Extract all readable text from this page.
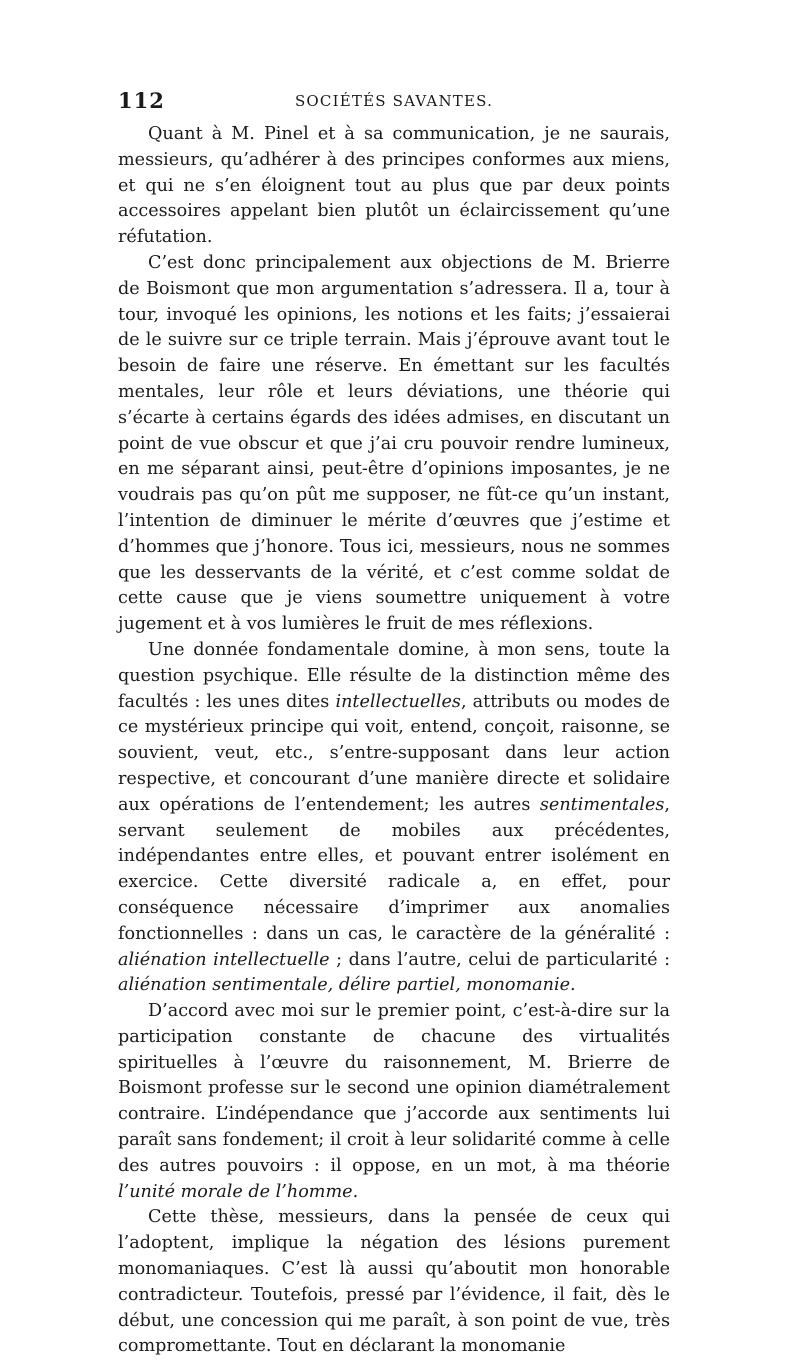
112	SOCIÉTÉS SAVANTES.

Quant à M. Pinel et à sa communication, je ne saurais, messieurs, qu’adhérer à des principes conformes aux miens, et qui ne s’en éloignent tout au plus que par deux points accessoires appelant bien plutôt un éclaircissement qu’une réfutation.

C’est donc principalement aux objections de M. Brierre de Boismont que mon argumentation s’adressera. Il a, tour à tour, invoqué les opinions, les notions et les faits; j’essaierai de le suivre sur ce triple terrain. Mais j’éprouve avant tout le besoin de faire une réserve. En émettant sur les facultés mentales, leur rôle et leurs déviations, une théorie qui s’écarte à certains égards des idées admises, en discutant un point de vue obscur et que j’ai cru pouvoir rendre lumineux, en me séparant ainsi, peut-être d’opinions imposantes, je ne voudrais pas qu’on pût me supposer, ne fût-ce qu’un instant, l’intention de diminuer le mérite d’œuvres que j’estime et d’hommes que j’honore. Tous ici, messieurs, nous ne sommes que les desservants de la vérité, et c’est comme soldat de cette cause que je viens soumettre uniquement à votre jugement et à vos lumières le fruit de mes réflexions.

Une donnée fondamentale domine, à mon sens, toute la question psychique. Elle résulte de la distinction même des facultés : les unes dites intellectuelles, attributs ou modes de ce mystérieux principe qui voit, entend, conçoit, raisonne, se souvient, veut, etc., s’entre-supposant dans leur action respective, et concourant d’une manière directe et solidaire aux opérations de l’entendement; les autres sentimentales, servant seulement de mobiles aux précédentes, indépendantes entre elles, et pouvant entrer isolément en exercice. Cette diversité radicale a, en effet, pour conséquence nécessaire d’imprimer aux anomalies fonctionnelles : dans un cas, le caractère de la généralité : aliénation intellectuelle ; dans l’autre, celui de particularité : aliénation sentimentale, délire partiel, monomanie.

D’accord avec moi sur le premier point, c’est-à-dire sur la participation constante de chacune des virtualités spirituelles à l’œuvre du raisonnement, M. Brierre de Boismont professe sur le second une opinion diamétralement contraire. L’indépendance que j’accorde aux sentiments lui paraît sans fondement; il croit à leur solidarité comme à celle des autres pouvoirs : il oppose, en un mot, à ma théorie l’unité morale de l’homme.

Cette thèse, messieurs, dans la pensée de ceux qui l’adoptent, implique la négation des lésions purement monomaniaques. C’est là aussi qu’aboutit mon honorable contradicteur. Toutefois, pressé par l’évidence, il fait, dès le début, une concession qui me paraît, à son point de vue, très compromettante. Tout en déclarant la monomanie
